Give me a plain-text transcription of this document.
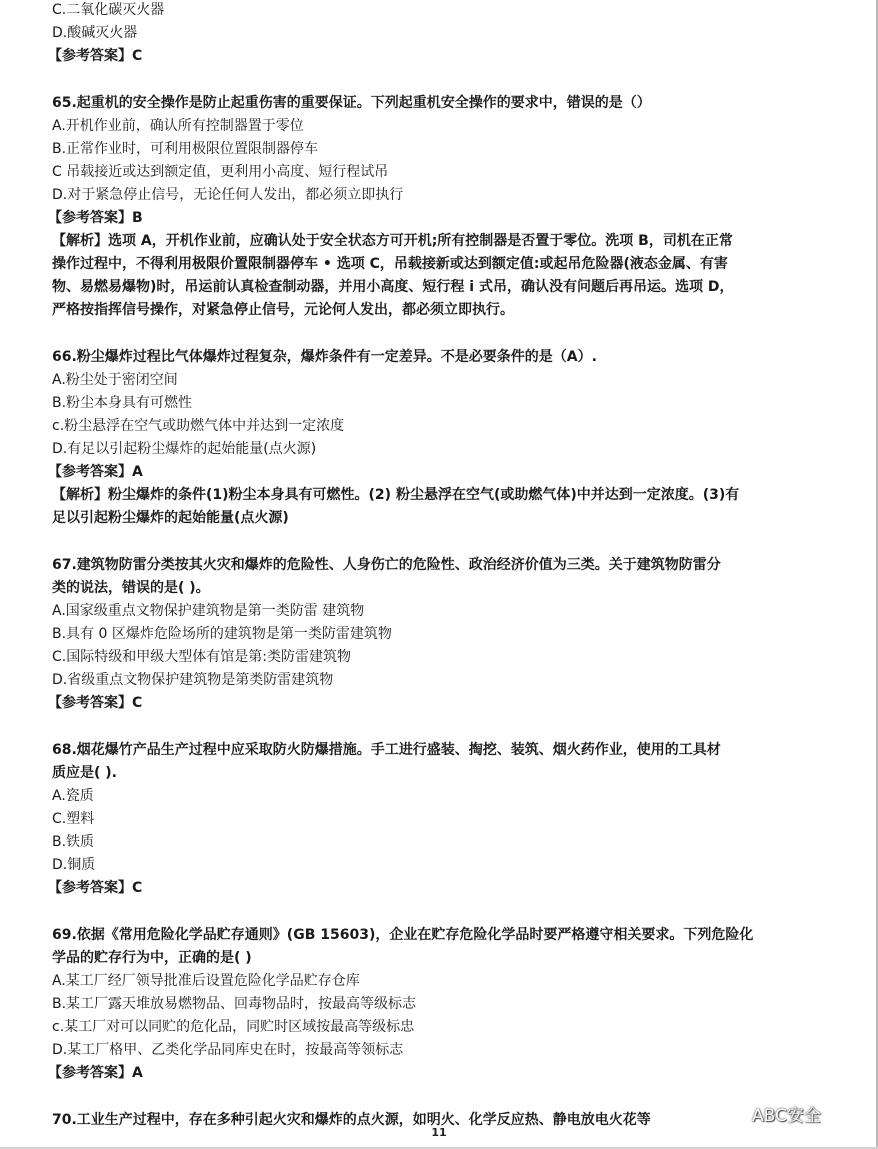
C.二氧化碳灭火器
D.酸碱灭火器
【参考答案】C
65.起重机的安全操作是防止起重伤害的重要保证。下列起重机安全操作的要求中，错误的是（）
A.开机作业前，确认所有控制器置于零位
B.正常作业时，可利用极限位置限制器停车
C 吊载接近或达到额定值，更利用小高度、短行程试吊
D.对于紧急停止信号，无论任何人发出，都必须立即执行
【参考答案】B
【解析】选项 A，开机作业前，应确认处于安全状态方可开机;所有控制器是否置于零位。洗项 B，司机在正常
操作过程中，不得利用极限价置限制器停车 • 选项 C，吊载接新或达到额定值:或起吊危险器(液态金属、有害
物、易燃易爆物)时，吊运前认真检查制动器，并用小高度、短行程 i 式吊，确认没有问题后再吊运。选项 D，
严格按指挥信号操作，对紧急停止信号，元论何人发出，都必须立即执行。
66.粉尘爆炸过程比气体爆炸过程复杂，爆炸条件有一定差异。不是必要条件的是（A）.
A.粉尘处于密闭空间
B.粉尘本身具有可燃性
c.粉尘悬浮在空气或助燃气体中并达到一定浓度
D.有足以引起粉尘爆炸的起始能量(点火源)
【参考答案】A
【解析】粉尘爆炸的条件(1)粉尘本身具有可燃性。(2) 粉尘悬浮在空气(或助燃气体)中并达到一定浓度。(3)有
足以引起粉尘爆炸的起始能量(点火源)
67.建筑物防雷分类按其火灾和爆炸的危险性、人身伤亡的危险性、政治经济价值为三类。关于建筑物防雷分
类的说法，错误的是( )。
A.国家级重点文物保护建筑物是第一类防雷 建筑物
B.具有 0 区爆炸危险场所的建筑物是第一类防雷建筑物
C.国际特级和甲级大型体有馆是第:类防雷建筑物
D.省级重点文物保护建筑物是第类防雷建筑物
【参考答案】C
68.烟花爆竹产品生产过程中应采取防火防爆措施。手工进行盛装、掏挖、装筑、烟火药作业，使用的工具材
质应是( ).
A.瓷质
C.塑料
B.铁质
D.铜质
【参考答案】C
69.依据《常用危险化学品贮存通则》(GB 15603)，企业在贮存危险化学品时要严格遵守相关要求。下列危险化
学品的贮存行为中，正确的是( )
A.某工厂经厂领导批准后设置危险化学品贮存仓库
B.某工厂露天堆放易燃物品、回毒物品时，按最高等级标志
c.某工厂对可以同贮的危化品，同贮时区域按最高等级标忠
D.某工厂格甲、乙类化学品同库史在时，按最高等领标志
【参考答案】A
70.工业生产过程中，存在多种引起火灾和爆炸的点火源，如明火、化学反应热、静电放电火花等
11
ABC安全
